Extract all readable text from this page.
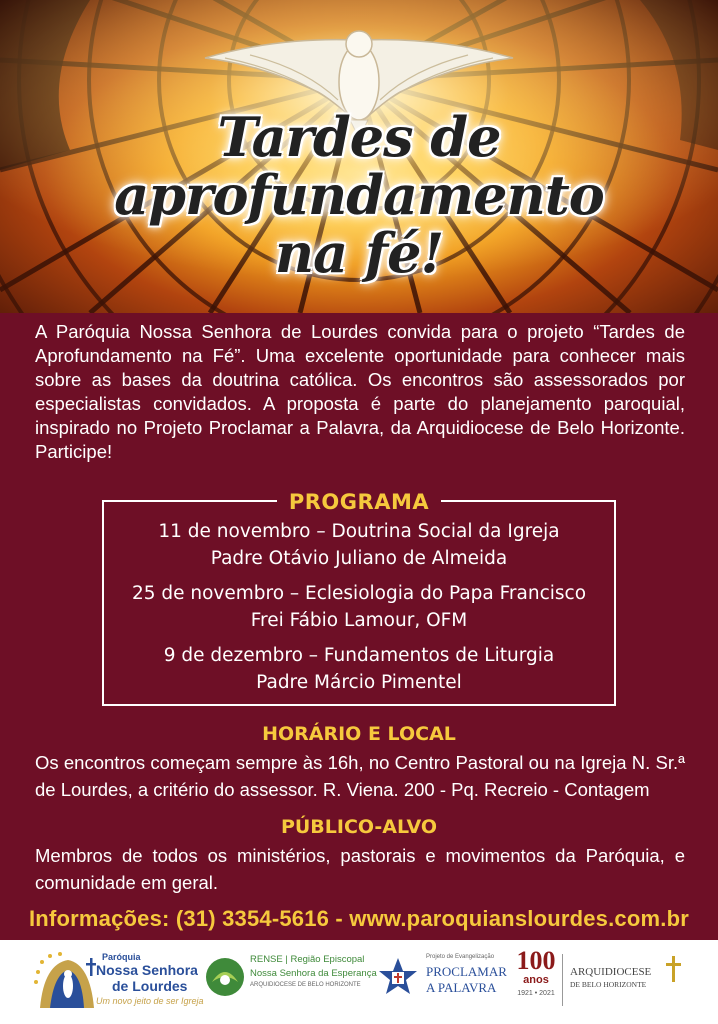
Tardes de
aprofundamento
na fé!

A Paróquia Nossa Senhora de Lourdes convida para o projeto “Tardes de Aprofundamento na Fé”. Uma excelente oportunidade para conhecer mais sobre as bases da doutrina católica. Os encontros são assessorados por especialistas convidados. A proposta é parte do planejamento paroquial, inspirado no Projeto Proclamar a Palavra, da Arquidiocese de Belo Horizonte. Participe!

PROGRAMA
11 de novembro – Doutrina Social da Igreja
Padre Otávio Juliano de Almeida
25 de novembro – Eclesiologia do Papa Francisco
Frei Fábio Lamour, OFM
9 de dezembro – Fundamentos de Liturgia
Padre Márcio Pimentel
HORÁRIO E LOCAL

Os encontros começam sempre às 16h, no Centro Pastoral ou na Igreja N. Sr.ª de Lourdes, a critério do assessor. R. Viena. 200 - Pq. Recreio - Contagem

PÚBLICO-ALVO

Membros de todos os ministérios, pastorais e movimentos da Paróquia, e comunidade em geral.

Informações: (31) 3354-5616 - www.paroquianslourdes.com.br
Paróquia
Nossa Senhora
de Lourdes
Um novo jeito de ser Igreja
RENSE | Região Episcopal
Nossa Senhora da Esperança
ARQUIDIOCESE DE BELO HORIZONTE
Projeto de Evangelização
PROCLAMAR
A PALAVRA
100
anos
1921 • 2021
ARQUIDIOCESE
DE BELO HORIZONTE
